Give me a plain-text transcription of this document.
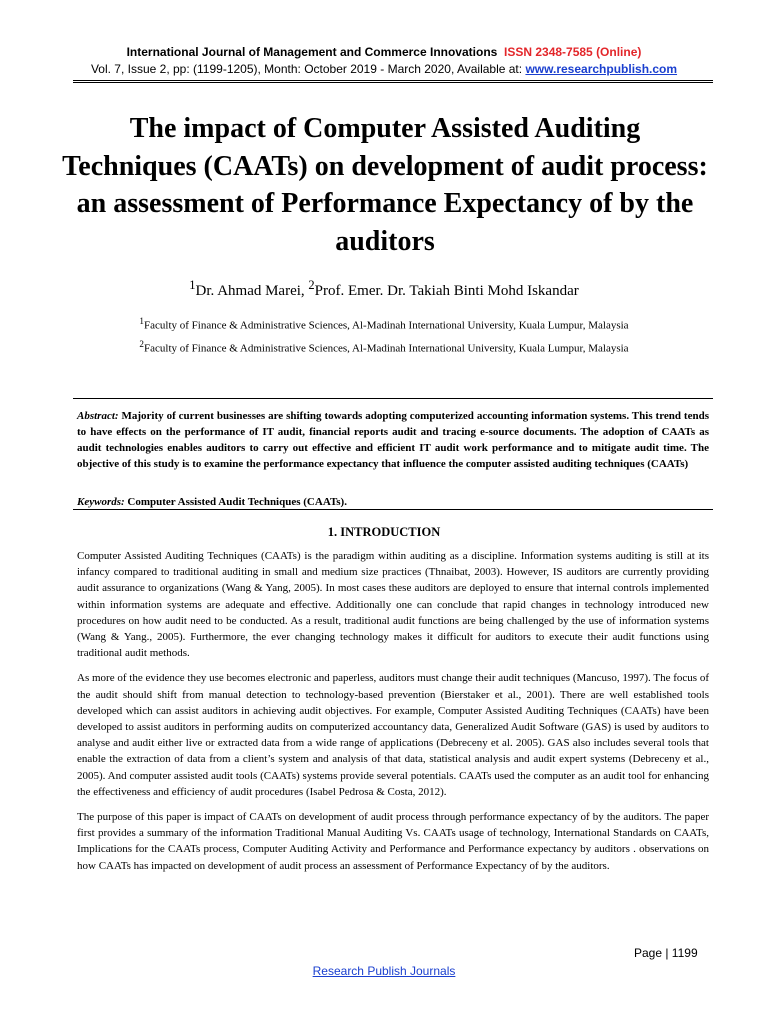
International Journal of Management and Commerce Innovations ISSN 2348-7585 (Online)
Vol. 7, Issue 2, pp: (1199-1205), Month: October 2019 - March 2020, Available at: www.researchpublish.com
The impact of Computer Assisted Auditing Techniques (CAATs) on development of audit process: an assessment of Performance Expectancy of by the auditors
$^1$Dr. Ahmad Marei, $^2$Prof. Emer. Dr. Takiah Binti Mohd Iskandar
$^1$Faculty of Finance & Administrative Sciences, Al-Madinah International University, Kuala Lumpur, Malaysia
$^2$Faculty of Finance & Administrative Sciences, Al-Madinah International University, Kuala Lumpur, Malaysia
Abstract: Majority of current businesses are shifting towards adopting computerized accounting information systems. This trend tends to have effects on the performance of IT audit, financial reports audit and tracing e-source documents. The adoption of CAATs as audit technologies enables auditors to carry out effective and efficient IT audit work performance and to mitigate audit time. The objective of this study is to examine the performance expectancy that influence the computer assisted auditing techniques (CAATs)
Keywords: Computer Assisted Audit Techniques (CAATs).
1. INTRODUCTION

Computer Assisted Auditing Techniques (CAATs) is the paradigm within auditing as a discipline. Information systems auditing is still at its infancy compared to traditional auditing in small and medium size practices (Thnaibat, 2003). However, IS auditors are currently providing audit assurance to organizations (Wang & Yang, 2005). In most cases these auditors are deployed to ensure that internal controls implemented within information systems are adequate and effective. Additionally one can conclude that rapid changes in technology introduced new procedures on how audit need to be conducted. As a result, traditional audit functions are being challenged by the use of information systems (Wang & Yang., 2005). Furthermore, the ever changing technology makes it difficult for auditors to execute their audit functions using traditional audit methods.

As more of the evidence they use becomes electronic and paperless, auditors must change their audit techniques (Mancuso, 1997). The focus of the audit should shift from manual detection to technology-based prevention (Bierstaker et al., 2001). There are well established tools developed which can assist auditors in achieving audit objectives. For example, Computer Assisted Auditing Techniques (CAATs) have been developed to assist auditors in performing audits on computerized accountancy data, Generalized Audit Software (GAS) is used by auditors to analyse and audit either live or extracted data from a wide range of applications (Debreceny et al. 2005). GAS also includes several tools that enable the extraction of data from a client’s system and analysis of that data, statistical analysis and audit expert systems (Debreceny et al., 2005). And computer assisted audit tools (CAATs) systems provide several potentials. CAATs used the computer as an audit tool for enhancing the effectiveness and efficiency of audit procedures (Isabel Pedrosa & Costa, 2012).

The purpose of this paper is impact of CAATs on development of audit process through performance expectancy of by the auditors. The paper first provides a summary of the information Traditional Manual Auditing Vs. CAATs usage of technology, International Standards on CAATs, Implications for the CAATs process, Computer Auditing Activity and Performance and Performance expectancy by auditors . observations on how CAATs has impacted on development of audit process an assessment of Performance Expectancy of by the auditors.

Page | 1199
Research Publish Journals
